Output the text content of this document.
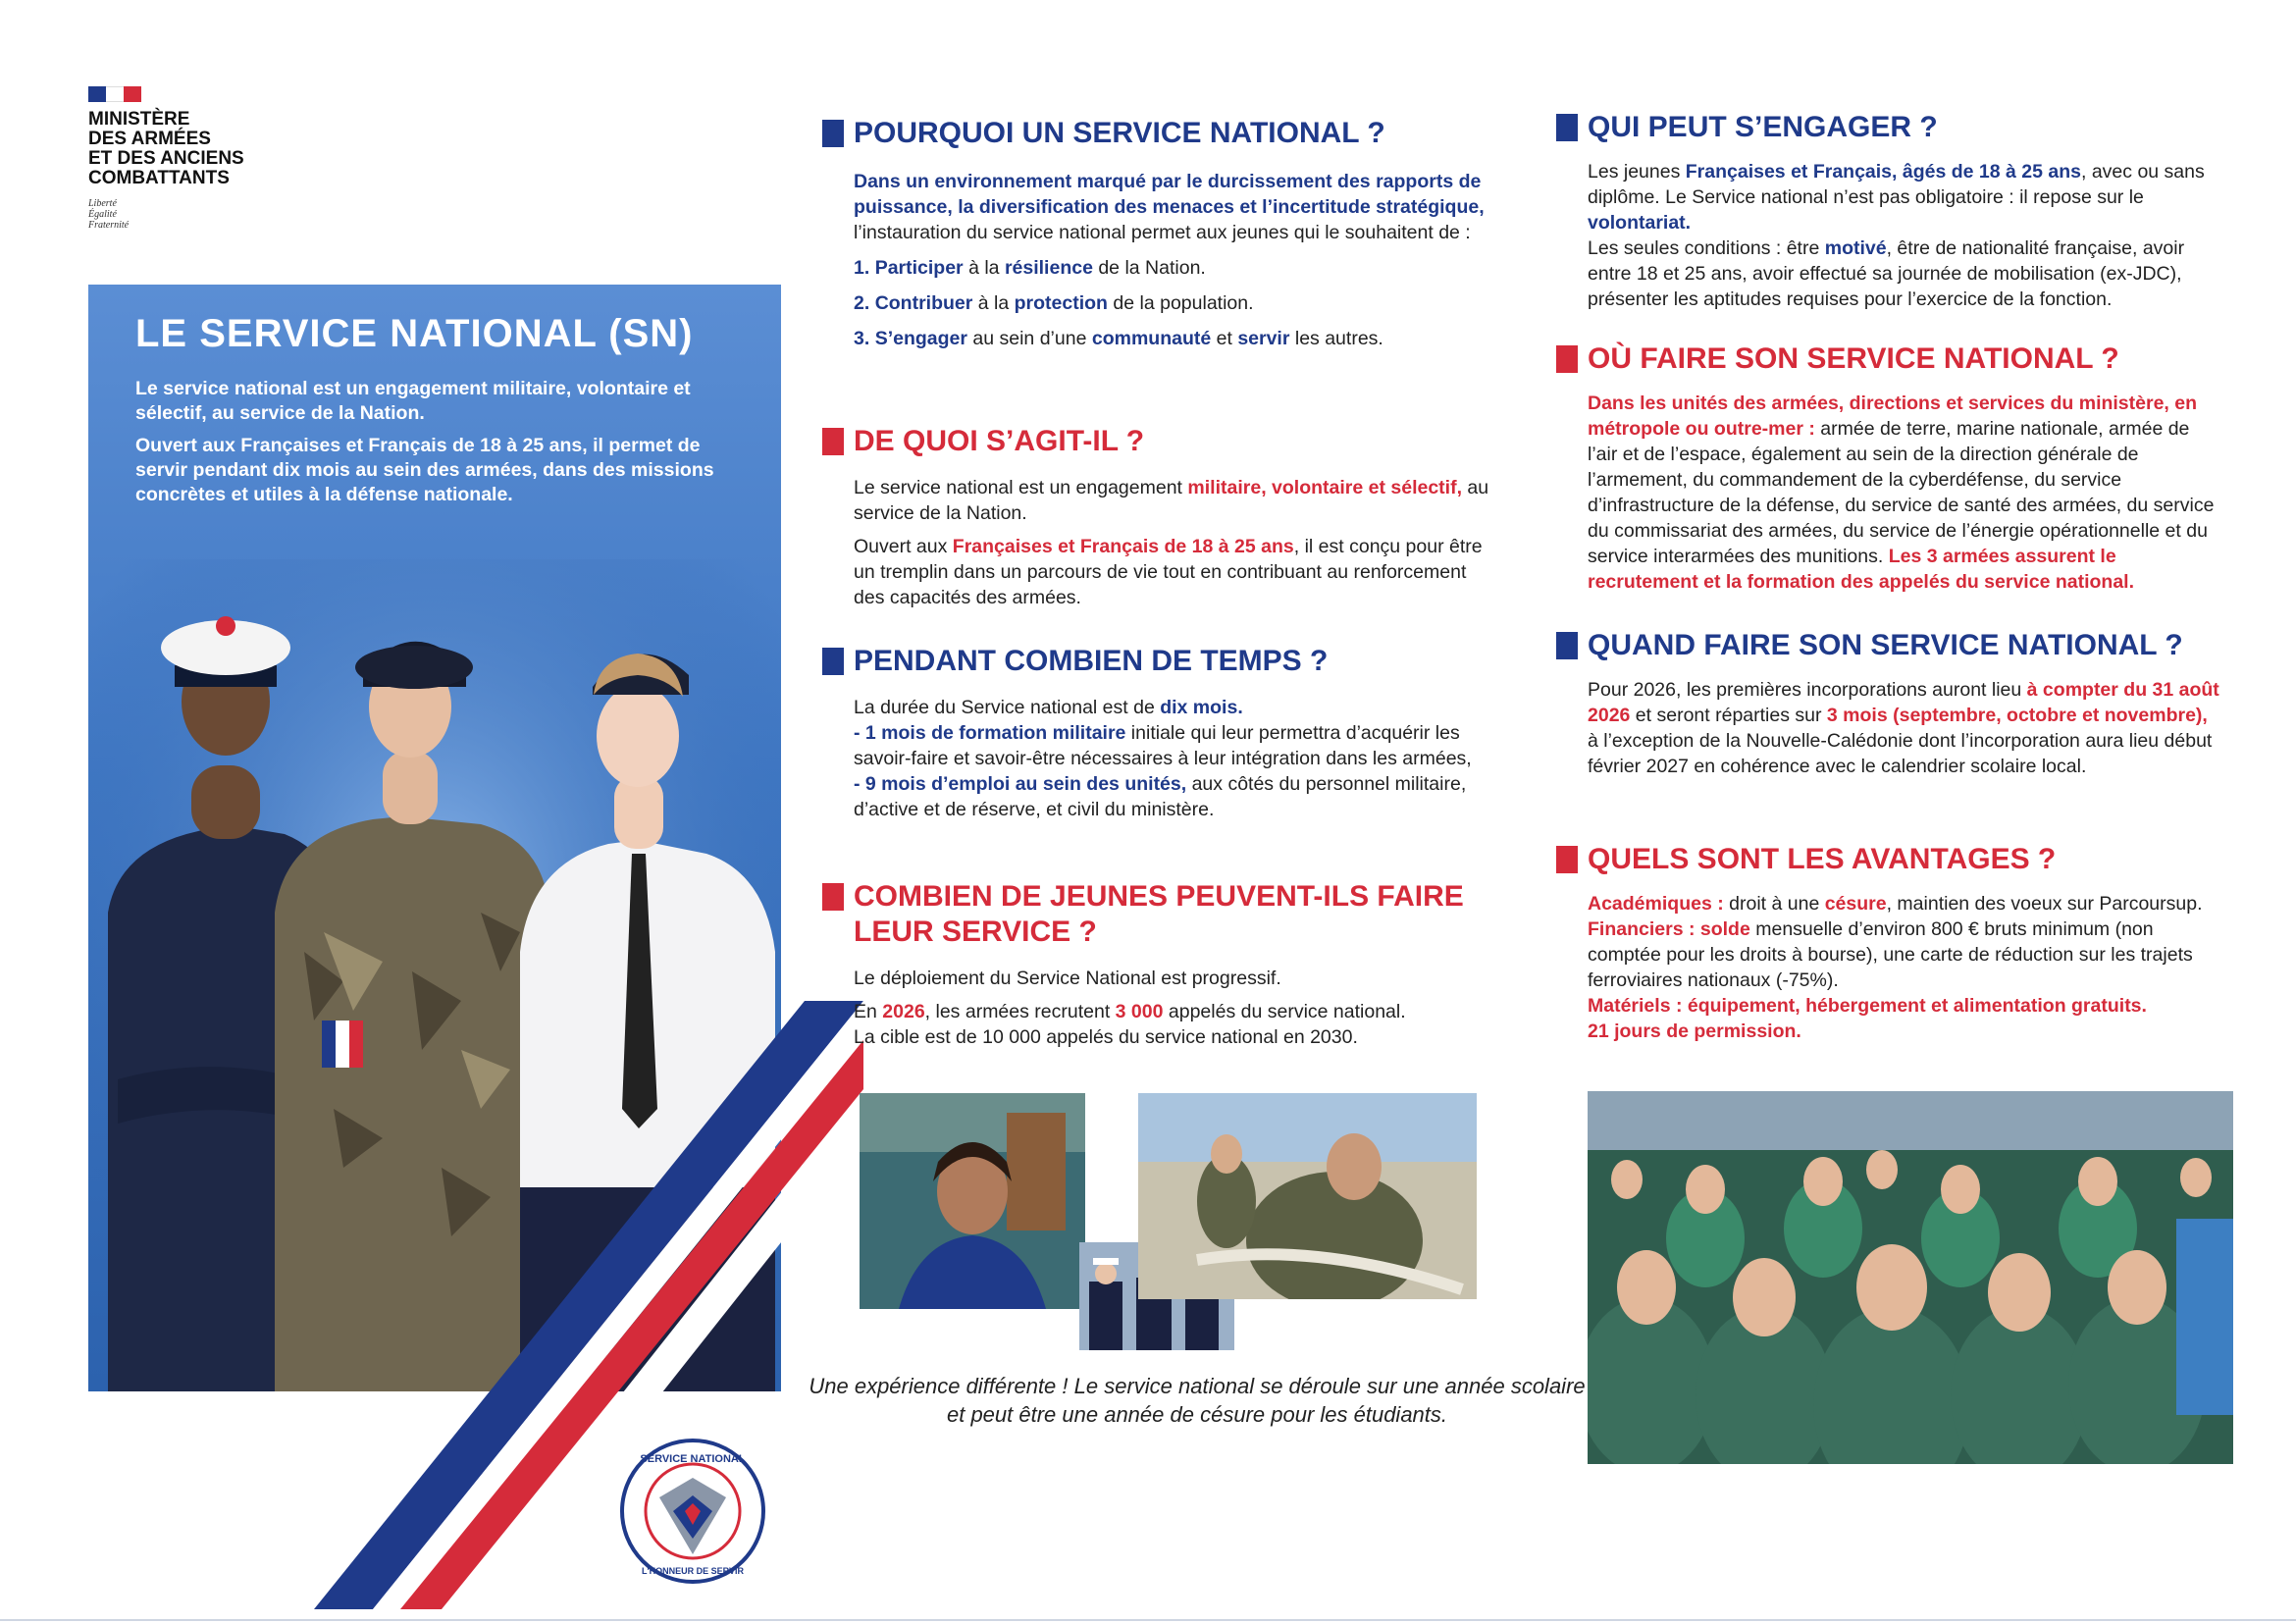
MINISTÈRE
DES ARMÉES
ET DES ANCIENS
COMBATTANTS
Liberté
Égalité
Fraternité
LE SERVICE NATIONAL (SN)
Le service national est un engagement militaire, volontaire et sélectif, au service de la Nation.
Ouvert aux Françaises et Français de 18 à 25 ans, il permet de servir pendant dix mois au sein des armées, dans des missions concrètes et utiles à la défense nationale.
SERVICE NATIONAL
L'HONNEUR DE SERVIR
POURQUOI UN SERVICE NATIONAL ?

Dans un environnement marqué par le durcissement des rapports de puissance, la diversification des menaces et l’incertitude stratégique, l’instauration du service national permet aux jeunes qui le souhaitent de :

1. Participer à la résilience de la Nation.

2. Contribuer à la protection de la population.

3. S’engager au sein d’une communauté et servir les autres.

DE QUOI S’AGIT-IL ?

Le service national est un engagement militaire, volontaire et sélectif, au service de la Nation.

Ouvert aux Françaises et Français de 18 à 25 ans, il est conçu pour être un tremplin dans un parcours de vie tout en contribuant au renforcement des capacités des armées.

PENDANT COMBIEN DE TEMPS ?

La durée du Service national est de dix mois.

- 1 mois de formation militaire initiale qui leur permettra d’acquérir les savoir-faire et savoir-être nécessaires à leur intégration dans les armées,

- 9 mois d’emploi au sein des unités, aux côtés du personnel militaire, d’active et de réserve, et civil du ministère.

COMBIEN DE JEUNES PEUVENT-ILS FAIRE
LEUR SERVICE ?

Le déploiement du Service National est progressif.

En 2026, les armées recrutent 3 000 appelés du service national.

La cible est de 10 000 appelés du service national en 2030.

Une expérience différente ! Le service national se déroule sur une année scolaire et peut être une année de césure pour les étudiants.
QUI PEUT S’ENGAGER ?

Les jeunes Françaises et Français, âgés de 18 à 25 ans, avec ou sans diplôme. Le Service national n’est pas obligatoire : il repose sur le volontariat.

Les seules conditions : être motivé, être de nationalité française, avoir entre 18 et 25 ans, avoir effectué sa journée de mobilisation (ex-JDC), présenter les aptitudes requises pour l’exercice de la fonction.

OÙ FAIRE SON SERVICE NATIONAL ?

Dans les unités des armées, directions et services du ministère, en métropole ou outre-mer : armée de terre, marine nationale, armée de l’air et de l’espace, également au sein de la direction générale de l’armement, du commandement de la cyberdéfense, du service d’infrastructure de la défense, du service de santé des armées, du service du commissariat des armées, du service de l’énergie opérationnelle et du service interarmées des munitions. Les 3 armées assurent le recrutement et la formation des appelés du service national.

QUAND FAIRE SON SERVICE NATIONAL ?

Pour 2026, les premières incorporations auront lieu à compter du 31 août 2026 et seront réparties sur 3 mois (septembre, octobre et novembre), à l’exception de la Nouvelle-Calédonie dont l’incorporation aura lieu début février 2027 en cohérence avec le calendrier scolaire local.

QUELS SONT LES AVANTAGES ?

Académiques : droit à une césure, maintien des voeux sur Parcoursup.

Financiers : solde mensuelle d’environ 800 € bruts minimum (non comptée pour les droits à bourse), une carte de réduction sur les trajets ferroviaires nationaux (-75%).

Matériels : équipement, hébergement et alimentation gratuits.

21 jours de permission.
